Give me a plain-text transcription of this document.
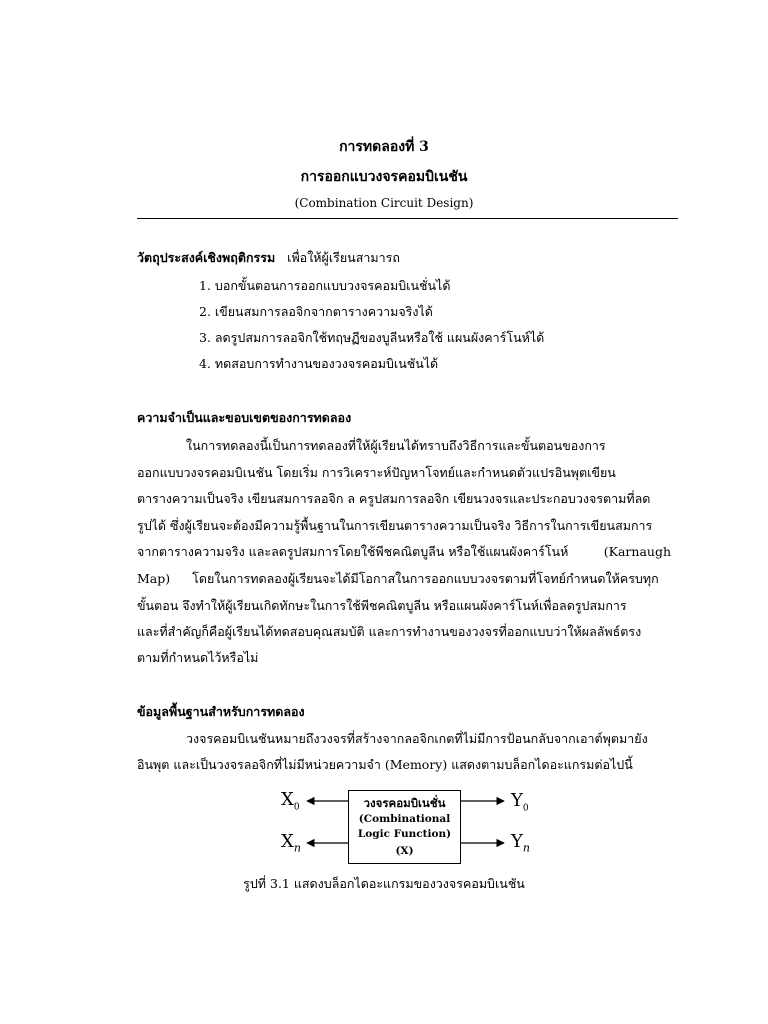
การทดลองที่ 3
การออกแบวงจรคอมบิเนชัน
(Combination Circuit Design)
วัตถุประสงค์เชิงพฤติกรรม เพื่อให้ผู้เรียนสามารถ
1. บอกขั้นตอนการออกแบบวงจรคอมบิเนชั่นได้
2. เขียนสมการลอจิกจากตารางความจริงได้
3. ลดรูปสมการลอจิกใช้ทฤษฏีของบูลีนหรือใช้ แผนผังคาร์โนห์ได้
4. ทดสอบการทำงานของวงจรคอมบิเนชันได้
ความจำเป็นและขอบเขตของการทดลอง
ในการทดลองนี้เป็นการทดลองที่ให้ผู้เรียนได้ทราบถึงวิธีการและขั้นตอนของการ
ออกแบบวงจรคอมบิเนชัน โดยเริ่ม การวิเคราะห์ปัญหาโจทย์และกำหนดตัวแปรอินพุตเขียน
ตารางความเป็นจริง เขียนสมการลอจิก ล ครูปสมการลอจิก เขียนวงจรและประกอบวงจรตามที่ลด
รูปได้ ซึ่งผู้เรียนจะต้องมีความรู้พื้นฐานในการเขียนตารางความเป็นจริง วิธีการในการเขียนสมการ
จากตารางความจริง และลดรูปสมการโดยใช้พีชคณิตบูลีน หรือใช้แผนผังคาร์โนห์	(Karnaugh
Map) โดยในการทดลองผู้เรียนจะได้มีโอกาสในการออกแบบวงจรตามที่โจทย์กำหนดให้ครบทุก
ขั้นตอน จึงทำให้ผู้เรียนเกิดทักษะในการใช้พีชคณิตบูลีน หรือแผนผังคาร์โนห์เพื่อลดรูปสมการ
และที่สำคัญก็คือผู้เรียนได้ทดสอบคุณสมบัติ และการทำงานของวงจรที่ออกแบบว่าให้ผลลัพธ์ตรง
ตามที่กำหนดไว้หรือไม่
ข้อมูลพื้นฐานสำหรับการทดลอง
วงจรคอมบิเนชันหมายถึงวงจรที่สร้างจากลอจิกเกตที่ไม่มีการป้อนกลับจากเอาต์พุตมายัง
อินพุต และเป็นวงจรลอจิกที่ไม่มีหน่วยความจำ (Memory) แสดงตามบล็อกไดอะแกรมต่อไปนี้
$X_0$
$X_n$
$Y_0$
$Y_n$
วงจรคอมบิเนชั่น
(Combinational
Logic Function)
(X)
รูปที่ 3.1 แสดงบล็อกไดอะแกรมของวงจรคอมบิเนชัน
